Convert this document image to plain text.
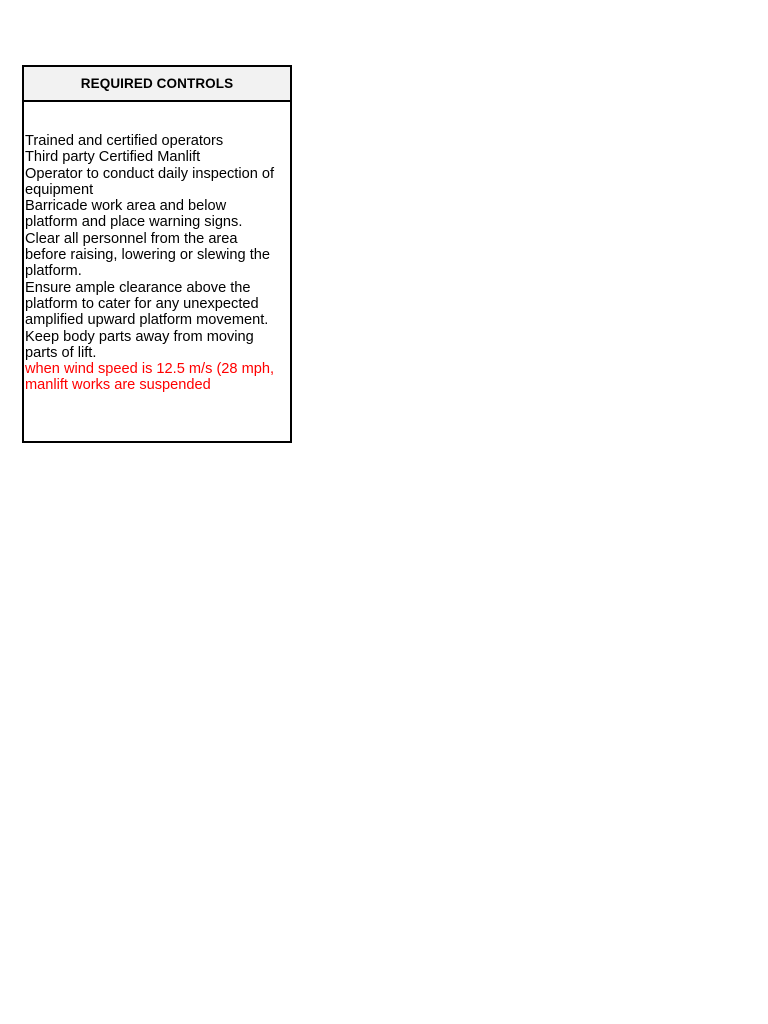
REQUIRED CONTROLS
Trained and certified operators
Third party Certified Manlift
Operator to conduct daily inspection of
equipment
Barricade work area and below
platform and place warning signs.
Clear all personnel from the area
before raising, lowering or slewing the
platform.
Ensure ample clearance above the
platform to cater for any unexpected
amplified upward platform movement.
Keep body parts away from moving
parts of lift.
when wind speed is 12.5 m/s (28 mph,
manlift works are suspended
